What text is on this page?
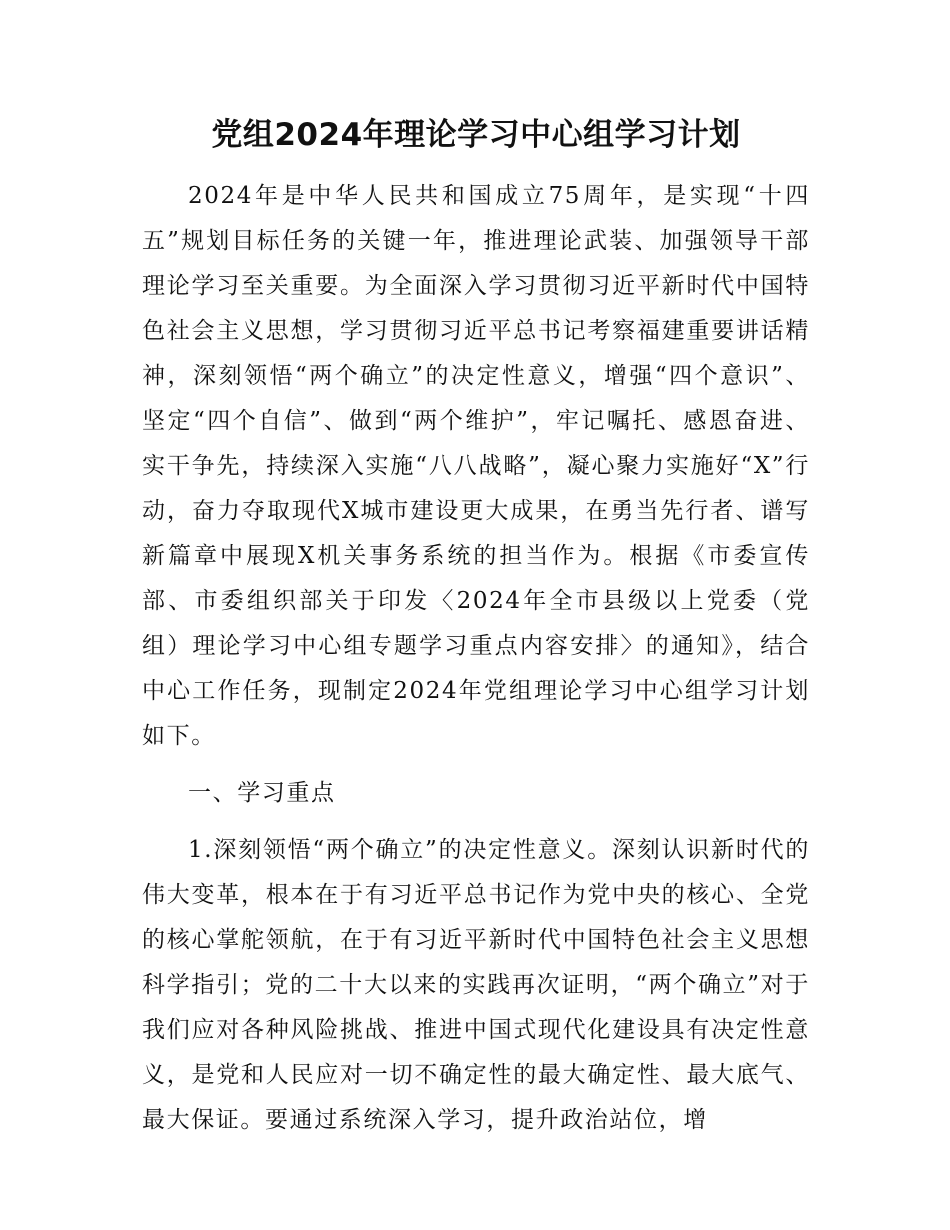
党组2024年理论学习中心组学习计划

2024年是中华人民共和国成立75周年，是实现“十四五”规划目标任务的关键一年，推进理论武装、加强领导干部理论学习至关重要。为全面深入学习贯彻习近平新时代中国特色社会主义思想，学习贯彻习近平总书记考察福建重要讲话精神，深刻领悟“两个确立”的决定性意义，增强“四个意识”、坚定“四个自信”、做到“两个维护”，牢记嘱托、感恩奋进、实干争先，持续深入实施“八八战略”，凝心聚力实施好“X”行动，奋力夺取现代X城市建设更大成果，在勇当先行者、谱写新篇章中展现X机关事务系统的担当作为。根据《市委宣传部、市委组织部关于印发〈2024年全市县级以上党委（党组）理论学习中心组专题学习重点内容安排〉的通知》，结合中心工作任务，现制定2024年党组理论学习中心组学习计划如下。

一、学习重点

1.深刻领悟“两个确立”的决定性意义。深刻认识新时代的伟大变革，根本在于有习近平总书记作为党中央的核心、全党的核心掌舵领航，在于有习近平新时代中国特色社会主义思想科学指引；党的二十大以来的实践再次证明，“两个确立”对于我们应对各种风险挑战、推进中国式现代化建设具有决定性意义，是党和人民应对一切不确定性的最大确定性、最大底气、最大保证。要通过系统深入学习，提升政治站位，增
